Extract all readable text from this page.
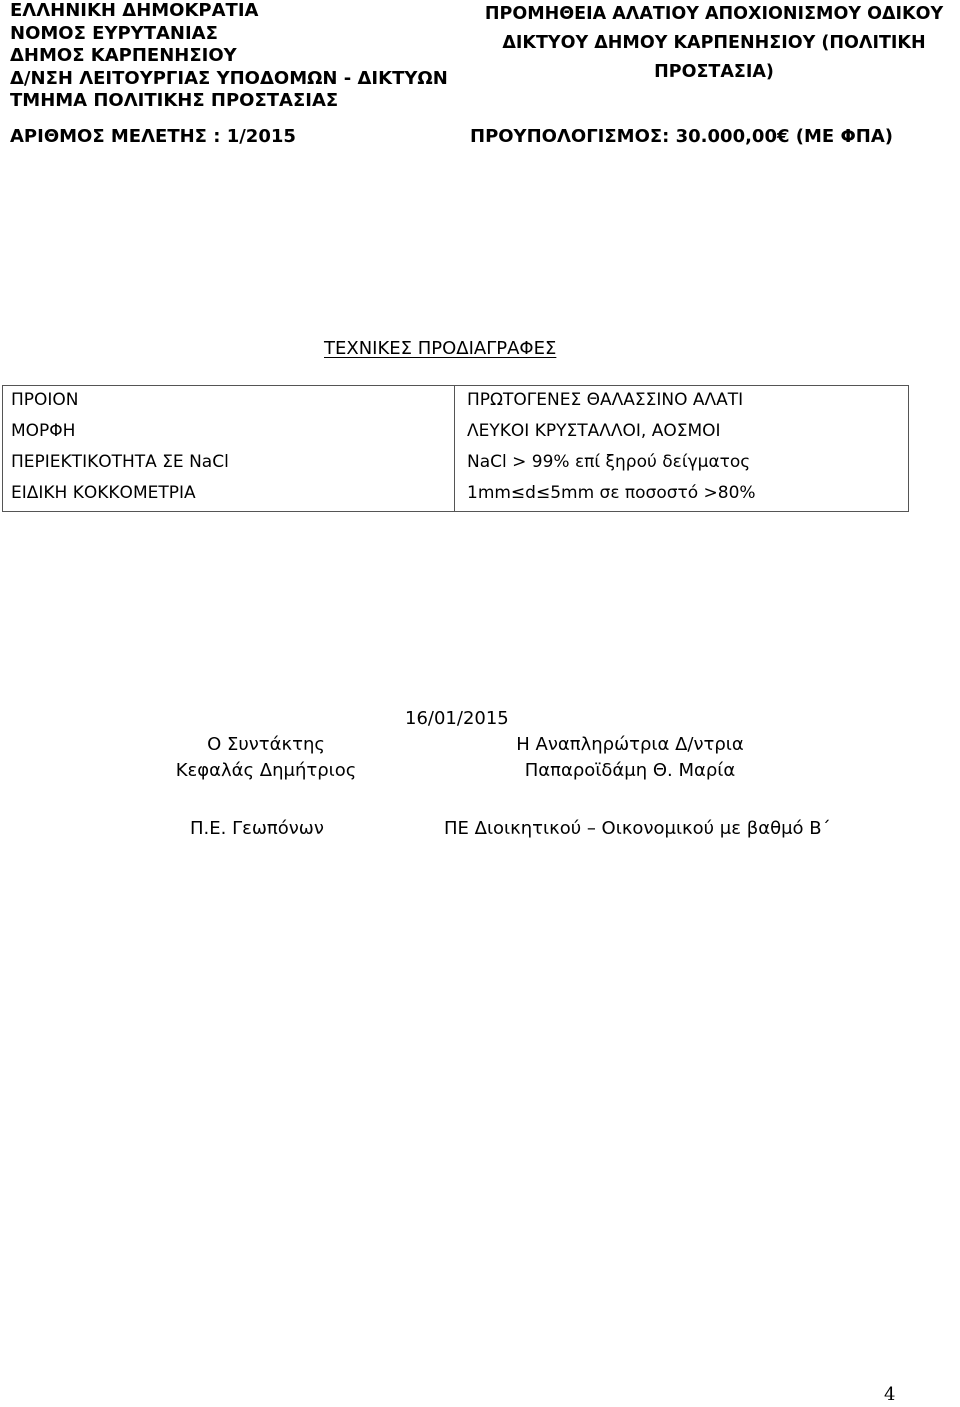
ΕΛΛΗΝΙΚΗ ΔΗΜΟΚΡΑΤΙΑ
ΝΟΜΟΣ ΕΥΡΥΤΑΝΙΑΣ
ΔΗΜΟΣ ΚΑΡΠΕΝΗΣΙΟΥ
Δ/ΝΣΗ ΛΕΙΤΟΥΡΓΙΑΣ ΥΠΟΔΟΜΩΝ - ΔΙΚΤΥΩΝ
ΤΜΗΜΑ ΠΟΛΙΤΙΚΗΣ ΠΡΟΣΤΑΣΙΑΣ
ΠΡΟΜΗΘΕΙΑ ΑΛΑΤΙΟΥ ΑΠΟΧΙΟΝΙΣΜΟΥ ΟΔΙΚΟΥ
ΔΙΚΤΥΟΥ ΔΗΜΟΥ ΚΑΡΠΕΝΗΣΙΟΥ (ΠΟΛΙΤΙΚΗ
ΠΡΟΣΤΑΣΙΑ)
ΑΡΙΘΜΟΣ ΜΕΛΕΤΗΣ : 1/2015	ΠΡΟΥΠΟΛΟΓΙΣΜΟΣ: 30.000,00€ (ΜΕ ΦΠΑ)
ΤΕΧΝΙΚΕΣ ΠΡΟΔΙΑΓΡΑΦΕΣ
ΠΡΟΙΟΝ	ΠΡΩΤΟΓΕΝΕΣ ΘΑΛΑΣΣΙΝΟ ΑΛΑΤΙ
ΜΟΡΦΗ	ΛΕΥΚΟΙ ΚΡΥΣΤΑΛΛΟΙ, ΑΟΣΜΟΙ
ΠΕΡΙΕΚΤΙΚΟΤΗΤΑ ΣΕ NaCl	NaCl > 99% επί ξηρού δείγματος
ΕΙΔΙΚΗ ΚΟΚΚΟΜΕΤΡΙΑ	1mm≤d≤5mm σε ποσοστό >80%
16/01/2015
Ο Συντάκτης
Κεφαλάς Δημήτριος
Η Αναπληρώτρια Δ/ντρια
Παπαροϊδάμη Θ. Μαρία
Π.Ε. Γεωπόνων	ΠΕ Διοικητικού – Οικονομικού με βαθμό Β΄
4
